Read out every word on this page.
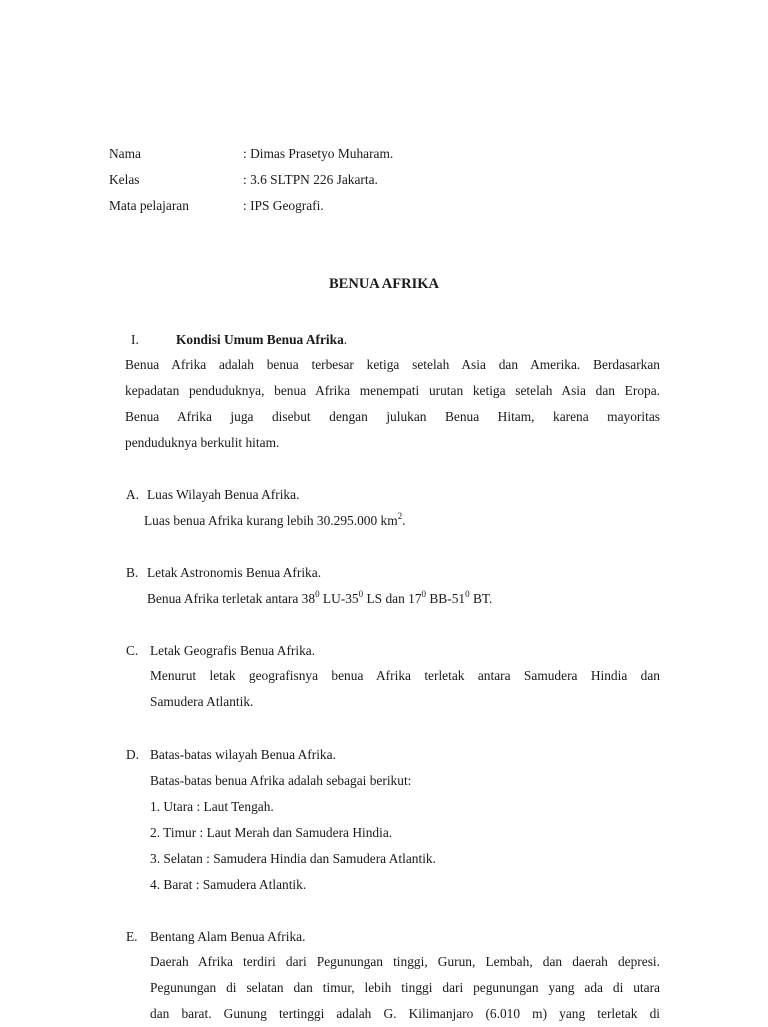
Nama	: Dimas Prasetyo Muharam.
Kelas	: 3.6 SLTPN 226 Jakarta.
Mata pelajaran	: IPS Geografi.
BENUA AFRIKA
I.	Kondisi Umum Benua Afrika.
Benua Afrika adalah benua terbesar ketiga setelah Asia dan Amerika. Berdasarkan
kepadatan penduduknya, benua Afrika menempati urutan ketiga setelah Asia dan Eropa.
Benua Afrika juga disebut dengan julukan Benua Hitam, karena mayoritas
penduduknya berkulit hitam.
A. Luas Wilayah Benua Afrika.
Luas benua Afrika kurang lebih 30.295.000 $km^2$.
B. Letak Astronomis Benua Afrika.
Benua Afrika terletak antara $38^0$ $LU-35^0$ LS dan $17^0$ $BB-51^0$ BT.
C. Letak Geografis Benua Afrika.
Menurut letak geografisnya benua Afrika terletak antara Samudera Hindia dan
Samudera Atlantik.
D. Batas-batas wilayah Benua Afrika.
Batas-batas benua Afrika adalah sebagai berikut:
1. Utara : Laut Tengah.
2. Timur : Laut Merah dan Samudera Hindia.
3. Selatan : Samudera Hindia dan Samudera Atlantik.
4. Barat : Samudera Atlantik.
E. Bentang Alam Benua Afrika.
Daerah Afrika terdiri dari Pegunungan tinggi, Gurun, Lembah, dan daerah depresi.
Pegunungan di selatan dan timur, lebih tinggi dari pegunungan yang ada di utara
dan barat. Gunung tertinggi adalah G. Kilimanjaro (6.010 m) yang terletak di
